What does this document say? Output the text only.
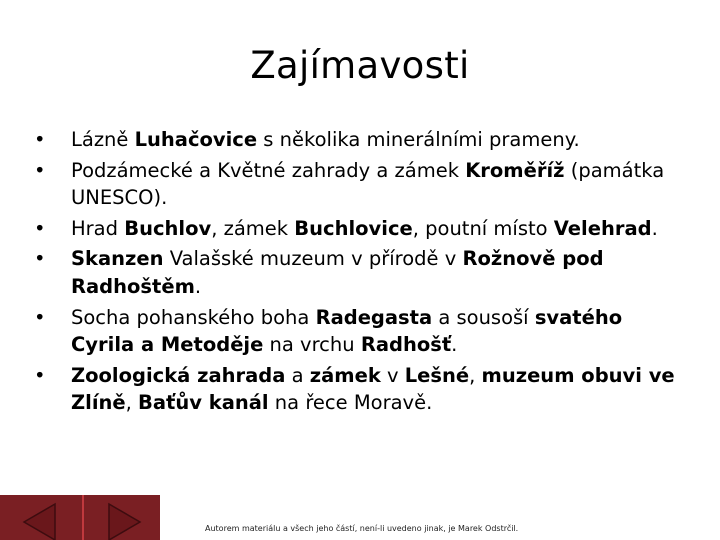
Zajímavosti
• Lázně Luhačovice s několika minerálními prameny.
• Podzámecké a Květné zahrady a zámek Kroměříž (památka UNESCO).
• Hrad Buchlov, zámek Buchlovice, poutní místo Velehrad.
• Skanzen Valašské muzeum v přírodě v Rožnově pod Radhoštěm.
• Socha pohanského boha Radegasta a sousoší svatého Cyrila a Metoděje na vrchu Radhošť.
• Zoologická zahrada a zámek v Lešné, muzeum obuvi ve Zlíně, Baťův kanál na řece Moravě.
Autorem materiálu a všech jeho částí, není-li uvedeno jinak, je Marek Odstrčil.
